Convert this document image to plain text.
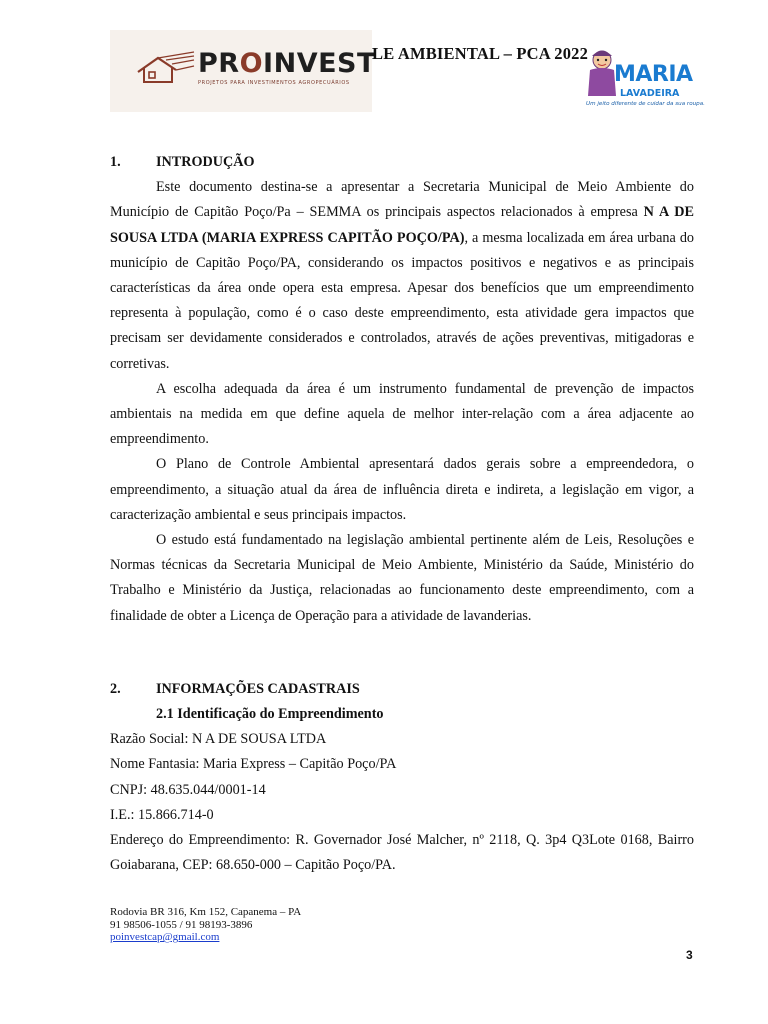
PROINVEST
PROJETOS PARA INVESTIMENTOS AGROPECUÁRIOS
LE AMBIENTAL – PCA 2022
MARIA
LAVADEIRA
Um jeito diferente de cuidar da sua roupa.
1.	INTRODUÇÃO

Este documento destina-se a apresentar a Secretaria Municipal de Meio Ambiente do Município de Capitão Poço/Pa – SEMMA os principais aspectos relacionados à empresa N A DE SOUSA LTDA (MARIA EXPRESS CAPITÃO POÇO/PA), a mesma localizada em área urbana do município de Capitão Poço/PA, considerando os impactos positivos e negativos e as principais características da área onde opera esta empresa. Apesar dos benefícios que um empreendimento representa à população, como é o caso deste empreendimento, esta atividade gera impactos que precisam ser devidamente considerados e controlados, através de ações preventivas, mitigadoras e corretivas.

A escolha adequada da área é um instrumento fundamental de prevenção de impactos ambientais na medida em que define aquela de melhor inter-relação com a área adjacente ao empreendimento.

O Plano de Controle Ambiental apresentará dados gerais sobre a empreendedora, o empreendimento, a situação atual da área de influência direta e indireta, a legislação em vigor, a caracterização ambiental e seus principais impactos.

O estudo está fundamentado na legislação ambiental pertinente além de Leis, Resoluções e Normas técnicas da Secretaria Municipal de Meio Ambiente, Ministério da Saúde, Ministério do Trabalho e Ministério da Justiça, relacionadas ao funcionamento deste empreendimento, com a finalidade de obter a Licença de Operação para a atividade de lavanderias.

2.	INFORMAÇÕES CADASTRAIS
2.1 Identificação do Empreendimento

Razão Social: N A DE SOUSA LTDA

Nome Fantasia: Maria Express – Capitão Poço/PA

CNPJ: 48.635.044/0001-14

I.E.: 15.866.714-0

Endereço do Empreendimento: R. Governador José Malcher, nº 2118, Q. 3p4 Q3Lote 0168, Bairro Goiabarana, CEP: 68.650-000 – Capitão Poço/PA.

Rodovia BR 316, Km 152, Capanema – PA
91 98506-1055 / 91 98193-3896
poinvestcap@gmail.com
3
